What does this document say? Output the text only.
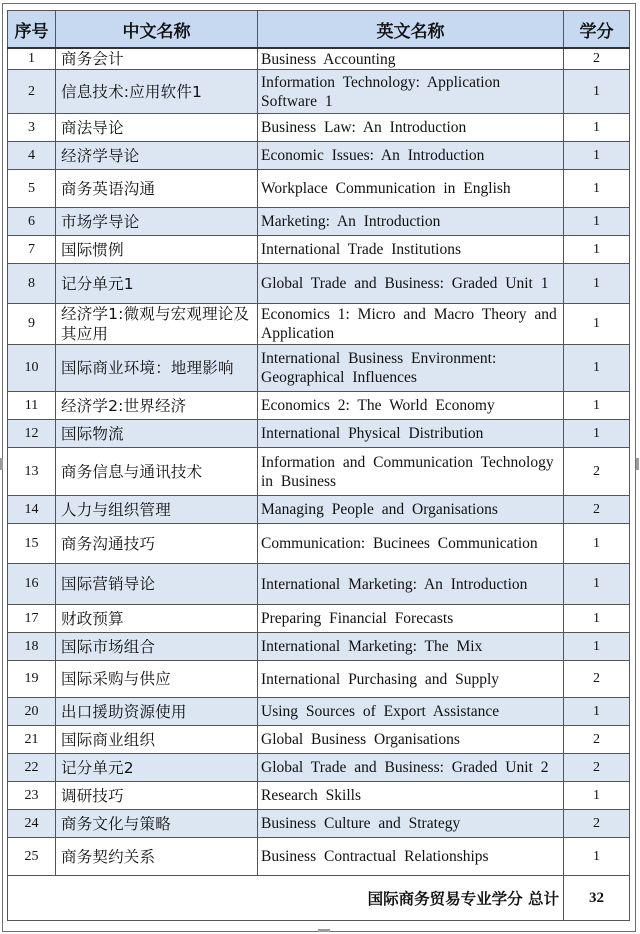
序号	中文名称	英文名称	学分
1	商务会计	Business Accounting	2
2	信息技术:应用软件1	Information Technology: Application Software 1	1
3	商法导论	Business Law: An Introduction	1
4	经济学导论	Economic Issues: An Introduction	1
5	商务英语沟通	Workplace Communication in English	1
6	市场学导论	Marketing: An Introduction	1
7	国际惯例	International Trade Institutions	1
8	记分单元1	Global Trade and Business: Graded Unit 1	1
9	经济学1:微观与宏观理论及其应用	Economics 1: Micro and Macro Theory and Application	1
10	国际商业环境：地理影响	International Business Environment: Geographical Influences	1
11	经济学2:世界经济	Economics 2: The World Economy	1
12	国际物流	International Physical Distribution	1
13	商务信息与通讯技术	Information and Communication Technology in Business	2
14	人力与组织管理	Managing People and Organisations	2
15	商务沟通技巧	Communication: Bucinees Communication	1
16	国际营销导论	International Marketing: An Introduction	1
17	财政预算	Preparing Financial Forecasts	1
18	国际市场组合	International Marketing: The Mix	1
19	国际采购与供应	International Purchasing and Supply	2
20	出口援助资源使用	Using Sources of Export Assistance	1
21	国际商业组织	Global Business Organisations	2
22	记分单元2	Global Trade and Business: Graded Unit 2	2
23	调研技巧	Research Skills	1
24	商务文化与策略	Business Culture and Strategy	2
25	商务契约关系	Business Contractual Relationships	1
国际商务贸易专业学分 总计			32
